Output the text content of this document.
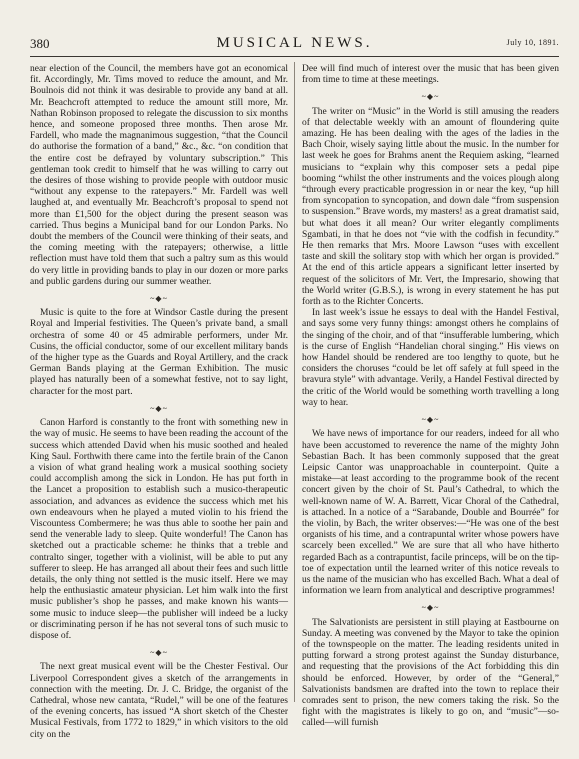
380	MUSICAL NEWS.	July 10, 1891.

near election of the Council, the members have got an economical fit. Accordingly, Mr. Tims moved to reduce the amount, and Mr. Boulnois did not think it was desirable to provide any band at all. Mr. Beachcroft attempted to reduce the amount still more, Mr. Nathan Robinson proposed to relegate the discussion to six months hence, and someone proposed three months. Then arose Mr. Fardell, who made the magnanimous suggestion, “that the Council do authorise the formation of a band,” &c., &c. “on condition that the entire cost be defrayed by voluntary subscription.” This gentleman took credit to himself that he was willing to carry out the desires of those wishing to provide people with outdoor music “without any expense to the ratepayers.” Mr. Fardell was well laughed at, and eventually Mr. Beachcroft’s proposal to spend not more than £1,500 for the object during the present season was carried. Thus begins a Municipal band for our London Parks. No doubt the members of the Council were thinking of their seats, and the coming meeting with the ratepayers; otherwise, a little reflection must have told them that such a paltry sum as this would do very little in providing bands to play in our dozen or more parks and public gardens during our summer weather.

~◆~

Music is quite to the fore at Windsor Castle during the present Royal and Imperial festivities. The Queen’s private band, a small orchestra of some 40 or 45 admirable performers, under Mr. Cusins, the official conductor, some of our excellent military bands of the higher type as the Guards and Royal Artillery, and the crack German Bands playing at the German Exhibition. The music played has naturally been of a somewhat festive, not to say light, character for the most part.

~◆~

Canon Harford is constantly to the front with something new in the way of music. He seems to have been reading the account of the success which attended David when his music soothed and healed King Saul. Forthwith there came into the fertile brain of the Canon a vision of what grand healing work a musical soothing society could accomplish among the sick in London. He has put forth in the Lancet a proposition to establish such a musico-therapeutic association, and advances as evidence the success which met his own endeavours when he played a muted violin to his friend the Viscountess Combermere; he was thus able to soothe her pain and send the venerable lady to sleep. Quite wonderful! The Canon has sketched out a practicable scheme: he thinks that a treble and contralto singer, together with a violinist, will be able to put any sufferer to sleep. He has arranged all about their fees and such little details, the only thing not settled is the music itself. Here we may help the enthusiastic amateur physician. Let him walk into the first music publisher’s shop he passes, and make known his wants—some music to induce sleep—the publisher will indeed be a lucky or discriminating person if he has not several tons of such music to dispose of.

~◆~

The next great musical event will be the Chester Festival. Our Liverpool Correspondent gives a sketch of the arrangements in connection with the meeting. Dr. J. C. Bridge, the organist of the Cathedral, whose new cantata, “Rudel,” will be one of the features of the evening concerts, has issued “A short sketch of the Chester Musical Festivals, from 1772 to 1829,” in which visitors to the old city on the

Dee will find much of interest over the music that has been given from time to time at these meetings.

~◆~

The writer on “Music” in the World is still amusing the readers of that delectable weekly with an amount of floundering quite amazing. He has been dealing with the ages of the ladies in the Bach Choir, wisely saying little about the music. In the number for last week he goes for Brahms anent the Requiem asking, “learned musicians to “explain why this composer sets a pedal pipe booming “whilst the other instruments and the voices plough along “through every practicable progression in or near the key, “up hill from syncopation to syncopation, and down dale “from suspension to suspension.” Brave words, my masters! as a great dramatist said, but what does it all mean? Our writer elegantly compliments Sgambati, in that he does not “vie with the codfish in fecundity.” He then remarks that Mrs. Moore Lawson “uses with excellent taste and skill the solitary stop with which her organ is provided.” At the end of this article appears a significant letter inserted by request of the solicitors of Mr. Vert, the Impresario, showing that the World writer (G.B.S.), is wrong in every statement he has put forth as to the Richter Concerts.

In last week’s issue he essays to deal with the Handel Festival, and says some very funny things: amongst others he complains of the singing of the choir, and of that “insufferable lumbering, which is the curse of English “Handelian choral singing.” His views on how Handel should be rendered are too lengthy to quote, but he considers the choruses “could be let off safely at full speed in the bravura style” with advantage. Verily, a Handel Festival directed by the critic of the World would be something worth travelling a long way to hear.

~◆~

We have news of importance for our readers, indeed for all who have been accustomed to reverence the name of the mighty John Sebastian Bach. It has been commonly supposed that the great Leipsic Cantor was unapproachable in counterpoint. Quite a mistake—at least according to the programme book of the recent concert given by the choir of St. Paul’s Cathedral, to which the well-known name of W. A. Barrett, Vicar Choral of the Cathedral, is attached. In a notice of a “Sarabande, Double and Bourrée” for the violin, by Bach, the writer observes:—“He was one of the best organists of his time, and a contrapuntal writer whose powers have scarcely been excelled.” We are sure that all who have hitherto regarded Bach as a contrapuntist, facile princeps, will be on the tip-toe of expectation until the learned writer of this notice reveals to us the name of the musician who has excelled Bach. What a deal of information we learn from analytical and descriptive programmes!

~◆~

The Salvationists are persistent in still playing at Eastbourne on Sunday. A meeting was convened by the Mayor to take the opinion of the townspeople on the matter. The leading residents united in putting forward a strong protest against the Sunday disturbance, and requesting that the provisions of the Act forbidding this din should be enforced. However, by order of the “General,” Salvationists bandsmen are drafted into the town to replace their comrades sent to prison, the new comers taking the risk. So the fight with the magistrates is likely to go on, and “music”—so-called—will furnish
